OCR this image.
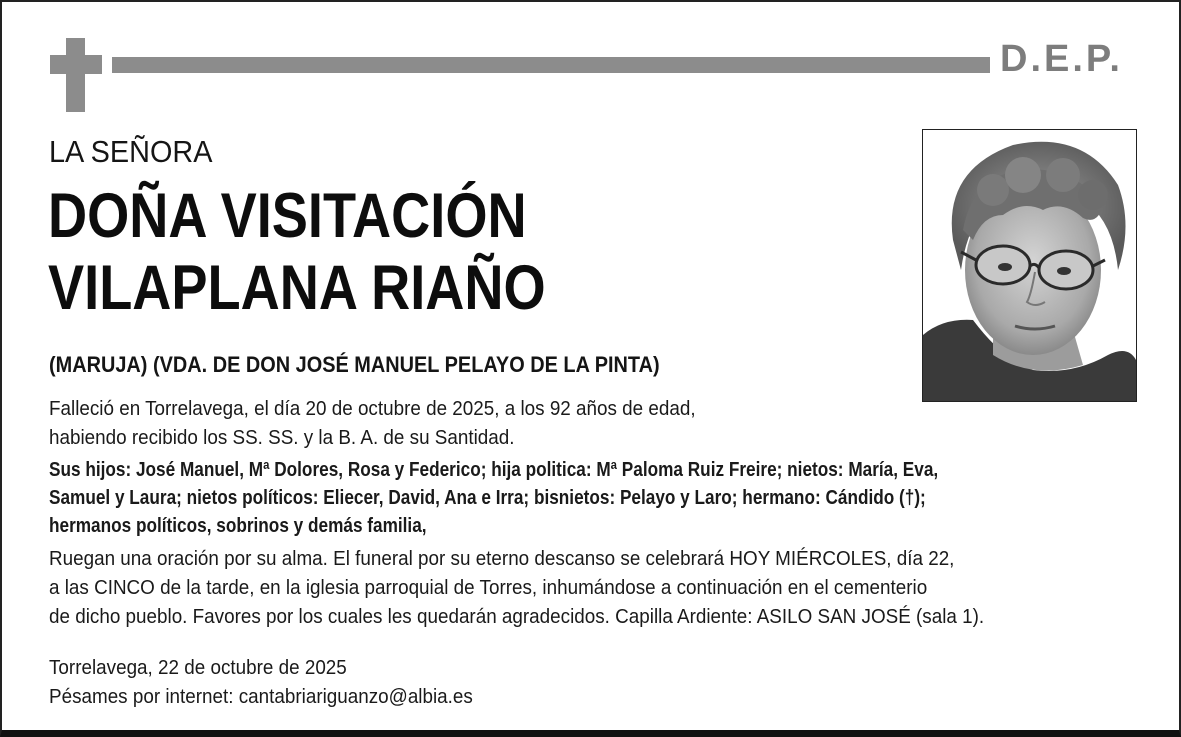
D.E.P.
LA SEÑORA
DOÑA VISITACIÓN
VILAPLANA RIAÑO
(MARUJA) (VDA. DE DON JOSÉ MANUEL PELAYO DE LA PINTA)
Falleció en Torrelavega, el día 20 de octubre de 2025, a los 92 años de edad,
habiendo recibido los SS. SS. y la B. A. de su Santidad.
Sus hijos: José Manuel, Mª Dolores, Rosa y Federico; hija politica: Mª Paloma Ruiz Freire; nietos: María, Eva,
Samuel y Laura; nietos políticos: Eliecer, David, Ana e Irra; bisnietos: Pelayo y Laro; hermano: Cándido (†);
hermanos políticos, sobrinos y demás familia,
Ruegan una oración por su alma. El funeral por su eterno descanso se celebrará HOY MIÉRCOLES, día 22,
a las CINCO de la tarde, en la iglesia parroquial de Torres, inhumándose a continuación en el cementerio
de dicho pueblo. Favores por los cuales les quedarán agradecidos. Capilla Ardiente: ASILO SAN JOSÉ (sala 1).
Torrelavega, 22 de octubre de 2025
Pésames por internet: cantabriariguanzo@albia.es
